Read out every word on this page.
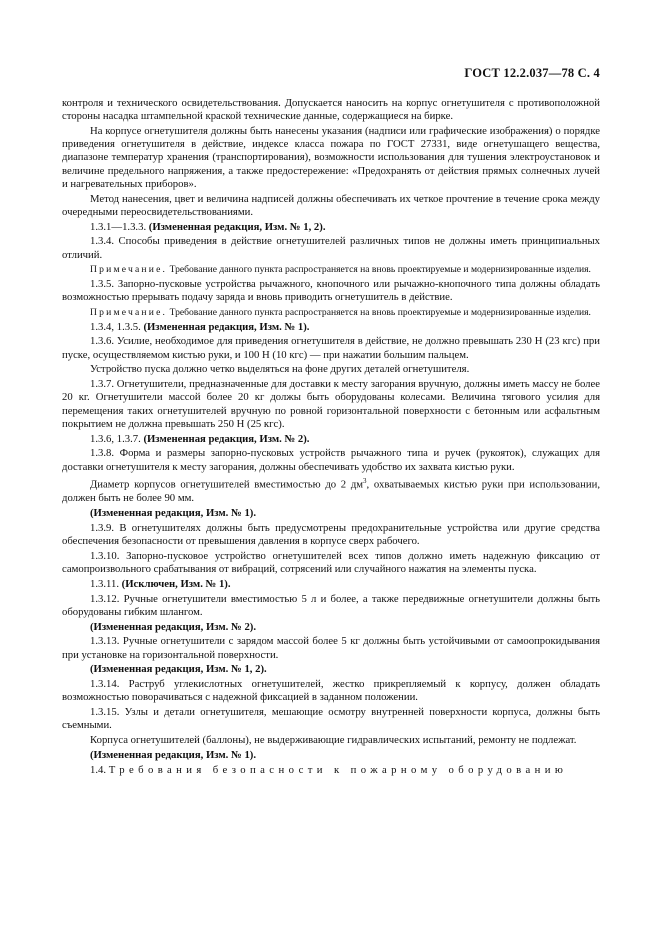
ГОСТ 12.2.037—78 С. 4

контроля и технического освидетельствования. Допускается наносить на корпус огнетушителя с противоположной стороны насадка штампельной краской технические данные, содержащиеся на бирке.

На корпусе огнетушителя должны быть нанесены указания (надписи или графические изображения) о порядке приведения огнетушителя в действие, индексе класса пожара по ГОСТ 27331, виде огнетушащего вещества, диапазоне температур хранения (транспортирования), возможности использования для тушения электроустановок и величине предельного напряжения, а также предостережение: «Предохранять от действия прямых солнечных лучей и нагревательных приборов».

Метод нанесения, цвет и величина надписей должны обеспечивать их четкое прочтение в течение срока между очередными переосвидетельствованиями.

1.3.1—1.3.3. (Измененная редакция, Изм. № 1, 2).

1.3.4. Способы приведения в действие огнетушителей различных типов не должны иметь принципиальных отличий.

Примечание. Требование данного пункта распространяется на вновь проектируемые и модернизированные изделия.

1.3.5. Запорно-пусковые устройства рычажного, кнопочного или рычажно-кнопочного типа должны обладать возможностью прерывать подачу заряда и вновь приводить огнетушитель в действие.

Примечание. Требование данного пункта распространяется на вновь проектируемые и модернизированные изделия.

1.3.4, 1.3.5. (Измененная редакция, Изм. № 1).

1.3.6. Усилие, необходимое для приведения огнетушителя в действие, не должно превышать 230 Н (23 кгс) при пуске, осуществляемом кистью руки, и 100 Н (10 кгс) — при нажатии большим пальцем.

Устройство пуска должно четко выделяться на фоне других деталей огнетушителя.

1.3.7. Огнетушители, предназначенные для доставки к месту загорания вручную, должны иметь массу не более 20 кг. Огнетушители массой более 20 кг должы быть оборудованы колесами. Величина тягового усилия для перемещения таких огнетушителей вручную по ровной горизонтальной поверхности с бетонным или асфальтным покрытием не должна превышать 250 Н (25 кгс).

1.3.6, 1.3.7. (Измененная редакция, Изм. № 2).

1.3.8. Форма и размеры запорно-пусковых устройств рычажного типа и ручек (рукояток), служащих для доставки огнетушителя к месту загорания, должны обеспечивать удобство их захвата кистью руки.

Диаметр корпусов огнетушителей вместимостью до 2 $дм^3$, охватываемых кистью руки при использовании, должен быть не более 90 мм.

(Измененная редакция, Изм. № 1).

1.3.9. В огнетушителях должны быть предусмотрены предохранительные устройства или другие средства обеспечения безопасности от превышения давления в корпусе сверх рабочего.

1.3.10. Запорно-пусковое устройство огнетушителей всех типов должно иметь надежную фиксацию от самопроизвольного срабатывания от вибраций, сотрясений или случайного нажатия на элементы пуска.

1.3.11. (Исключен, Изм. № 1).

1.3.12. Ручные огнетушители вместимостью 5 л и более, а также передвижные огнетушители должны быть оборудованы гибким шлангом.

(Измененная редакция, Изм. № 2).

1.3.13. Ручные огнетушители с зарядом массой более 5 кг должны быть устойчивыми от самоопрокидывания при установке на горизонтальной поверхности.

(Измененная редакция, Изм. № 1, 2).

1.3.14. Раструб углекислотных огнетушителей, жестко прикрепляемый к корпусу, должен обладать возможностью поворачиваться с надежной фиксацией в заданном положении.

1.3.15. Узлы и детали огнетушителя, мешающие осмотру внутренней поверхности корпуса, должны быть съемными.

Корпуса огнетушителей (баллоны), не выдерживающие гидравлических испытаний, ремонту не подлежат.

(Измененная редакция, Изм. № 1).

1.4. Требования безопасности к пожарному оборудованию
